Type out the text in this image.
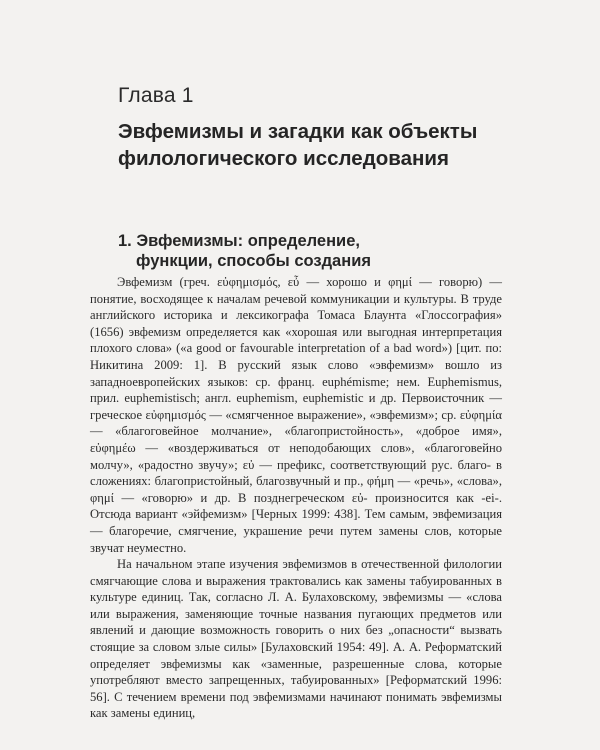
Глава 1
Эвфемизмы и загадки как объекты
филологического исследования
1. Эвфемизмы: определение,
функции, способы создания

Эвфемизм (греч. εὐφημισμός, εὖ — хорошо и φημί — говорю) — понятие, восходящее к началам речевой коммуникации и культуры. В труде английского историка и лексикографа Томаса Блаунта «Глоссография» (1656) эвфемизм определяется как «хорошая или выгодная интерпретация плохого слова» («a good or favourable interpretation of a bad word») [цит. по: Никитина 2009: 1]. В русский язык слово «эвфемизм» вошло из западноевропейских языков: ср. франц. euphémisme; нем. Euphemismus, прил. euphemistisch; англ. euphemism, euphemistic и др. Первоисточник — греческое εὐφημισμός — «смягченное выражение», «эвфемизм»; ср. εὐφημία — «благоговейное молчание», «благопристойность», «доброе имя», εὐφημέω — «воздерживаться от неподобающих слов», «благоговейно молчу», «радостно звучу»; εὐ — префикс, соответствующий рус. благо- в сложениях: благопристойный, благозвучный и пр., φήμη — «речь», «слова», φημί — «говорю» и др. В позднегреческом εὐ- произносится как -ei-. Отсюда вариант «эйфемизм» [Черных 1999: 438]. Тем самым, эвфемизация — благоречие, смягчение, украшение речи путем замены слов, которые звучат неуместно.

На начальном этапе изучения эвфемизмов в отечественной филологии смягчающие слова и выражения трактовались как замены табуированных в культуре единиц. Так, согласно Л. А. Булаховскому, эвфемизмы — «слова или выражения, заменяющие точные названия пугающих предметов или явлений и дающие возможность говорить о них без „опасности“ вызвать стоящие за словом злые силы» [Булаховский 1954: 49]. А. А. Реформатский определяет эвфемизмы как «заменные, разрешенные слова, которые употребляют вместо запрещенных, табуированных» [Реформатский 1996: 56]. С течением времени под эвфемизмами начинают понимать эвфемизмы как замены единиц,
